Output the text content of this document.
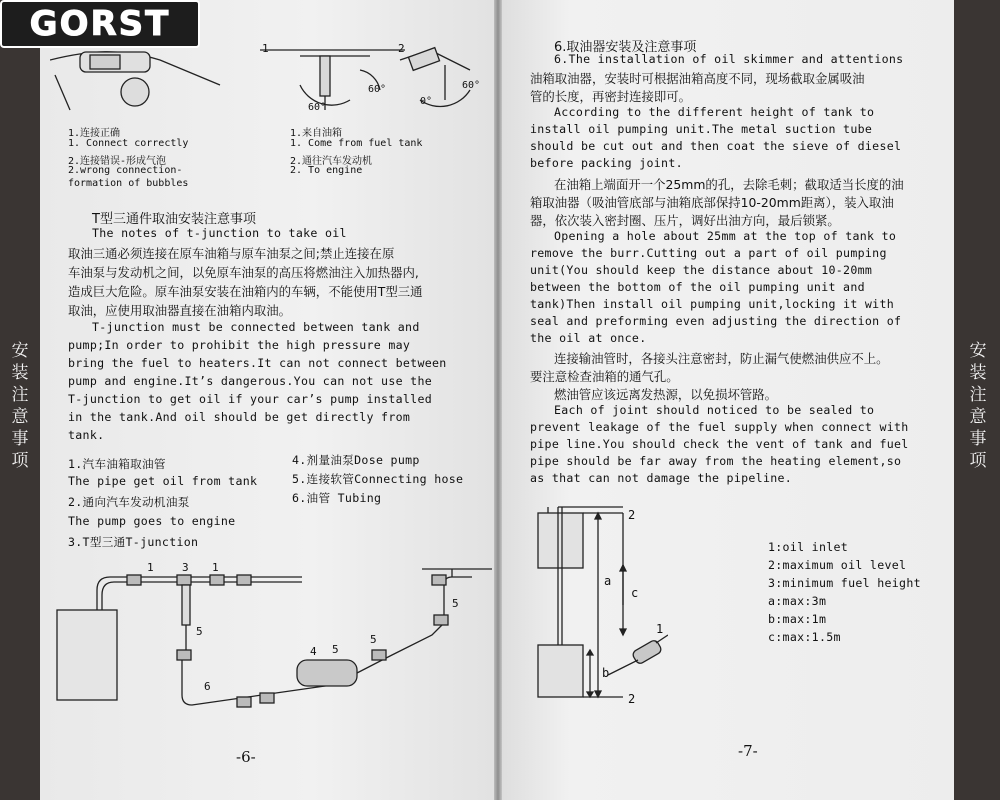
GORST
安
装
注
意
事
项
安
装
注
意
事
项
1	2
60°
60°
0°
60°
1.连接正确
1. Connect correctly
2.连接错误-形成气泡
2.wrong connection-
formation of bubbles
1.来自油箱
1. Come from fuel tank
2.通往汽车发动机
2. To engine
T型三通件取油安装注意事项
The notes of t-junction to take oil
取油三通必须连接在原车油箱与原车油泵之间;禁止连接在原
车油泵与发动机之间，以免原车油泵的高压将燃油注入加热器内,
造成巨大危险。原车油泵安装在油箱内的车辆，不能使用T型三通
取油，应使用取油器直接在油箱内取油。
T-junction must be connected between tank and
pump;In order to prohibit the high pressure may
bring the fuel to heaters.It can not connect between
pump and engine.It’s dangerous.You can not use the
T-junction to get oil if your car’s pump installed
in the tank.And oil should be get directly from
tank.
1.汽车油箱取油管
The pipe get oil from tank
2.通向汽车发动机油泵
The pump goes to engine
3.T型三通T-junction
4.剂量油泵Dose pump
5.连接软管Connecting hose
6.油管 Tubing
1	3 1
5
5
4
5
5
6
-6-
6.取油器安装及注意事项
6.The installation of oil skimmer and attentions
油箱取油器，安装时可根据油箱高度不同，现场截取金属吸油
管的长度，再密封连接即可。
According to the different height of tank to
install oil pumping unit.The metal suction tube
should be cut out and then coat the sieve of diesel
before packing joint.
在油箱上端面开一个25mm的孔，去除毛刺；截取适当长度的油
箱取油器（吸油管底部与油箱底部保持10-20mm距离），装入取油
器，依次装入密封圈、压片，调好出油方向，最后锁紧。
Opening a hole about 25mm at the top of tank to
remove the burr.Cutting out a part of oil pumping
unit(You should keep the distance about 10-20mm
between the bottom of the oil pumping unit and
tank)Then install oil pumping unit,locking it with
seal and preforming even adjusting the direction of
the oil at once.
连接输油管时，各接头注意密封，防止漏气使燃油供应不上。
要注意检查油箱的通气孔。
燃油管应该远离发热源，以免损坏管路。
Each of joint should noticed to be sealed to
prevent leakage of the fuel supply when connect with
pipe line.You should check the vent of tank and fuel
pipe should be far away from the heating element,so
as that can not damage the pipeline.
a
b
c
2
2
1
1:oil inlet
2:maximum oil level
3:minimum fuel height
a:max:3m
b:max:1m
c:max:1.5m
-7-
